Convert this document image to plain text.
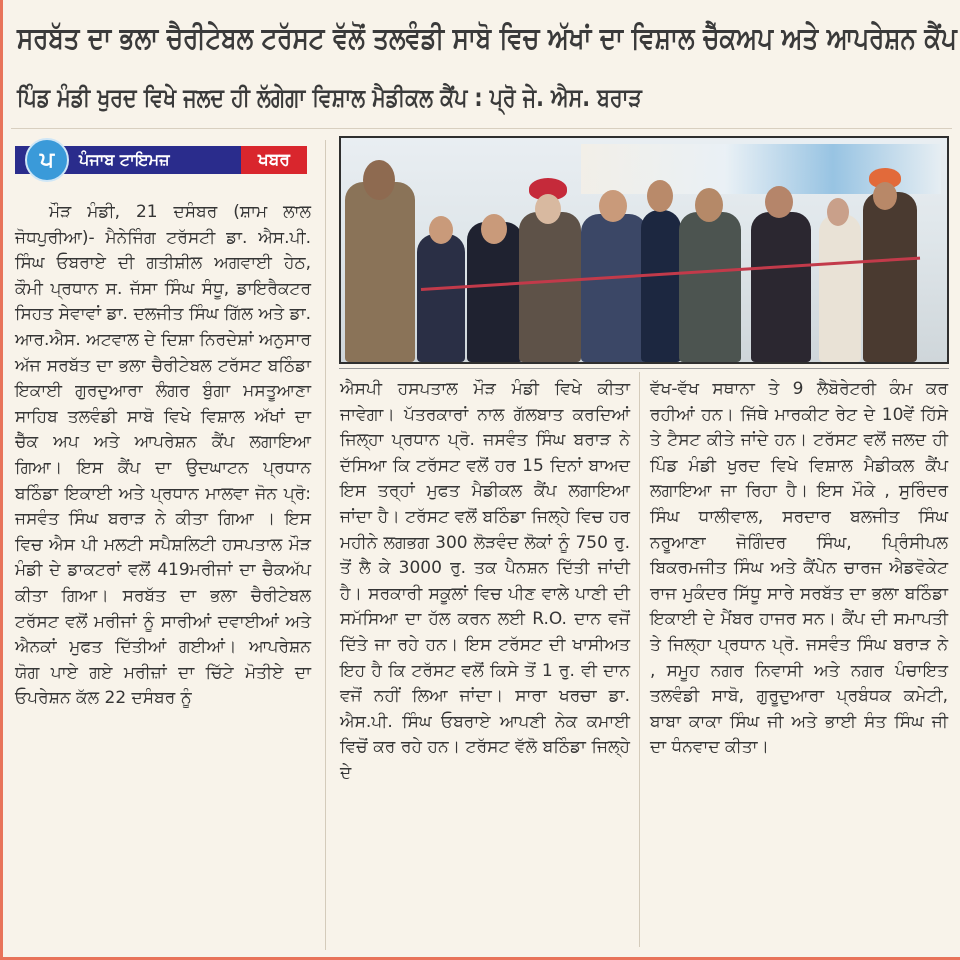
ਸਰਬੱਤ ਦਾ ਭਲਾ ਚੈਰੀਟੇਬਲ ਟਰੱਸਟ ਵੱਲੋਂ ਤਲਵੰਡੀ ਸਾਬੋ ਵਿਚ ਅੱਖਾਂ ਦਾ ਵਿਸ਼ਾਲ ਚੈੱਕਅਪ ਅਤੇ ਆਪਰੇਸ਼ਨ ਕੈਂਪ
ਪਿੰਡ ਮੰਡੀ ਖੁਰਦ ਵਿਖੇ ਜਲਦ ਹੀ ਲੱਗੇਗਾ ਵਿਸ਼ਾਲ ਮੈਡੀਕਲ ਕੈਂਪ : ਪ੍ਰੋ ਜੇ. ਐਸ. ਬਰਾੜ
ਪ ਪੰਜਾਬ ਟਾਇਮਜ਼	ਖਬਰ

ਮੌੜ ਮੰਡੀ, 21 ਦਸੰਬਰ (ਸ਼ਾਮ ਲਾਲ ਜੋਧਪੁਰੀਆ)- ਮੈਨੇਜਿੰਗ ਟਰੱਸਟੀ ਡਾ. ਐਸ.ਪੀ. ਸਿੰਘ ਓਬਰਾਏ ਦੀ ਗਤੀਸ਼ੀਲ ਅਗਵਾਈ ਹੇਠ, ਕੌਮੀ ਪ੍ਰਧਾਨ ਸ. ਜੱਸਾ ਸਿੰਘ ਸੰਧੂ, ਡਾਇਰੈਕਟਰ ਸਿਹਤ ਸੇਵਾਵਾਂ ਡਾ. ਦਲਜੀਤ ਸਿੰਘ ਗਿੱਲ ਅਤੇ ਡਾ. ਆਰ.ਐਸ. ਅਟਵਾਲ ਦੇ ਦਿਸ਼ਾ ਨਿਰਦੇਸ਼ਾਂ ਅਨੁਸਾਰ ਅੱਜ ਸਰਬੱਤ ਦਾ ਭਲਾ ਚੈਰੀਟੇਬਲ ਟਰੱਸਟ ਬਠਿੰਡਾ ਇਕਾਈ ਗੁਰਦੁਆਰਾ ਲੰਗਰ ਬੁੰਗਾ ਮਸਤੂਆਣਾ ਸਾਹਿਬ ਤਲਵੰਡੀ ਸਾਬੋ ਵਿਖੇ ਵਿਸ਼ਾਲ ਅੱਖਾਂ ਦਾ ਚੈੱਕ ਅਪ ਅਤੇ ਆਪਰੇਸ਼ਨ ਕੈਂਪ ਲਗਾਇਆ ਗਿਆ। ਇਸ ਕੈਂਪ ਦਾ ਉਦਘਾਟਨ ਪ੍ਰਧਾਨ ਬਠਿੰਡਾ ਇਕਾਈ ਅਤੇ ਪ੍ਰਧਾਨ ਮਾਲਵਾ ਜੋਨ ਪ੍ਰੋ: ਜਸਵੰਤ ਸਿੰਘ ਬਰਾੜ ਨੇ ਕੀਤਾ ਗਿਆ । ਇਸ ਵਿਚ ਐਸ ਪੀ ਮਲਟੀ ਸਪੈਸ਼ਲਿਟੀ ਹਸਪਤਾਲ ਮੌੜ ਮੰਡੀ ਦੇ ਡਾਕਟਰਾਂ ਵਲੋਂ 419ਮਰੀਜਾਂ ਦਾ ਚੈਕਅੱਪ ਕੀਤਾ ਗਿਆ। ਸਰਬੱਤ ਦਾ ਭਲਾ ਚੈਰੀਟੇਬਲ ਟਰੱਸਟ ਵਲੋਂ ਮਰੀਜਾਂ ਨੂੰ ਸਾਰੀਆਂ ਦਵਾਈਆਂ ਅਤੇ ਐਨਕਾਂ ਮੁਫਤ ਦਿੱਤੀਆਂ ਗਈਆਂ। ਆਪਰੇਸ਼ਨ ਯੋਗ ਪਾਏ ਗਏ ਮਰੀਜ਼ਾਂ ਦਾ ਚਿੱਟੇ ਮੋਤੀਏ ਦਾ ਓਪਰੇਸ਼ਨ ਕੱਲ 22 ਦਸੰਬਰ ਨੂੰ

ਐਸਪੀ ਹਸਪਤਾਲ ਮੌੜ ਮੰਡੀ ਵਿਖੇ ਕੀਤਾ ਜਾਵੇਗਾ। ਪੱਤਰਕਾਰਾਂ ਨਾਲ ਗੱਲਬਾਤ ਕਰਦਿਆਂ ਜਿਲ੍ਹਾ ਪ੍ਰਧਾਨ ਪ੍ਰੋ. ਜਸਵੰਤ ਸਿੰਘ ਬਰਾੜ ਨੇ ਦੱਸਿਆ ਕਿ ਟਰੱਸਟ ਵਲੋਂ ਹਰ 15 ਦਿਨਾਂ ਬਾਅਦ ਇਸ ਤਰ੍ਹਾਂ ਮੁਫਤ ਮੈਡੀਕਲ ਕੈਂਪ ਲਗਾਇਆ ਜਾਂਦਾ ਹੈ। ਟਰੱਸਟ ਵਲੋਂ ਬਠਿੰਡਾ ਜਿਲ੍ਹੇ ਵਿਚ ਹਰ ਮਹੀਨੇ ਲਗਭਗ 300 ਲੋੜਵੰਦ ਲੋਕਾਂ ਨੂੰ 750 ਰੁ. ਤੋਂ ਲੈ ਕੇ 3000 ਰੁ. ਤਕ ਪੈਨਸ਼ਨ ਦਿੱਤੀ ਜਾਂਦੀ ਹੈ। ਸਰਕਾਰੀ ਸਕੂਲਾਂ ਵਿਚ ਪੀਣ ਵਾਲੇ ਪਾਣੀ ਦੀ ਸਮੱਸਿਆ ਦਾ ਹੱਲ ਕਰਨ ਲਈ R.O. ਦਾਨ ਵਜੋਂ ਦਿੱਤੇ ਜਾ ਰਹੇ ਹਨ। ਇਸ ਟਰੱਸਟ ਦੀ ਖਾਸੀਅਤ ਇਹ ਹੈ ਕਿ ਟਰੱਸਟ ਵਲੋਂ ਕਿਸੇ ਤੋਂ 1 ਰੁ. ਵੀ ਦਾਨ ਵਜੋਂ ਨਹੀਂ ਲਿਆ ਜਾਂਦਾ। ਸਾਰਾ ਖਰਚਾ ਡਾ. ਐਸ.ਪੀ. ਸਿੰਘ ਓਬਰਾਏ ਆਪਣੀ ਨੇਕ ਕਮਾਈ ਵਿਚੋਂ ਕਰ ਰਹੇ ਹਨ। ਟਰੱਸਟ ਵੱਲੋ ਬਠਿੰਡਾ ਜਿਲ੍ਹੇ ਦੇ

ਵੱਖ-ਵੱਖ ਸਥਾਨਾ ਤੇ 9 ਲੈਬੋਰੇਟਰੀ ਕੰਮ ਕਰ ਰਹੀਆਂ ਹਨ। ਜਿੱਥੇ ਮਾਰਕੀਟ ਰੇਟ ਦੇ 10ਵੇਂ ਹਿੱਸੇ ਤੇ ਟੈਸਟ ਕੀਤੇ ਜਾਂਦੇ ਹਨ। ਟਰੱਸਟ ਵਲੋਂ ਜਲਦ ਹੀ ਪਿੰਡ ਮੰਡੀ ਖੁਰਦ ਵਿਖੇ ਵਿਸ਼ਾਲ ਮੈਡੀਕਲ ਕੈਂਪ ਲਗਾਇਆ ਜਾ ਰਿਹਾ ਹੈ। ਇਸ ਮੌਕੇ , ਸੁਰਿੰਦਰ ਸਿੰਘ ਧਾਲੀਵਾਲ, ਸਰਦਾਰ ਬਲਜੀਤ ਸਿੰਘ ਨਰੂਆਣਾ ਜੋਗਿੰਦਰ ਸਿੰਘ, ਪ੍ਰਿੰਸੀਪਲ ਬਿਕਰਮਜੀਤ ਸਿੰਘ ਅਤੇ ਕੈਂਪੇਨ ਚਾਰਜ ਐਡਵੋਕੇਟ ਰਾਜ ਮੁਕੰਦਰ ਸਿੱਧੂ ਸਾਰੇ ਸਰਬੱਤ ਦਾ ਭਲਾ ਬਠਿੰਡਾ ਇਕਾਈ ਦੇ ਮੈਂਬਰ ਹਾਜਰ ਸਨ। ਕੈਂਪ ਦੀ ਸਮਾਪਤੀ ਤੇ ਜਿਲ੍ਹਾ ਪ੍ਰਧਾਨ ਪ੍ਰੋ. ਜਸਵੰਤ ਸਿੰਘ ਬਰਾੜ ਨੇ , ਸਮੂਹ ਨਗਰ ਨਿਵਾਸੀ ਅਤੇ ਨਗਰ ਪੰਚਾਇਤ ਤਲਵੰਡੀ ਸਾਬੋ, ਗੁਰੂਦੁਆਰਾ ਪ੍ਰਬੰਧਕ ਕਮੇਟੀ, ਬਾਬਾ ਕਾਕਾ ਸਿੰਘ ਜੀ ਅਤੇ ਭਾਈ ਸੰਤ ਸਿੰਘ ਜੀ ਦਾ ਧੰਨਵਾਦ ਕੀਤਾ।
